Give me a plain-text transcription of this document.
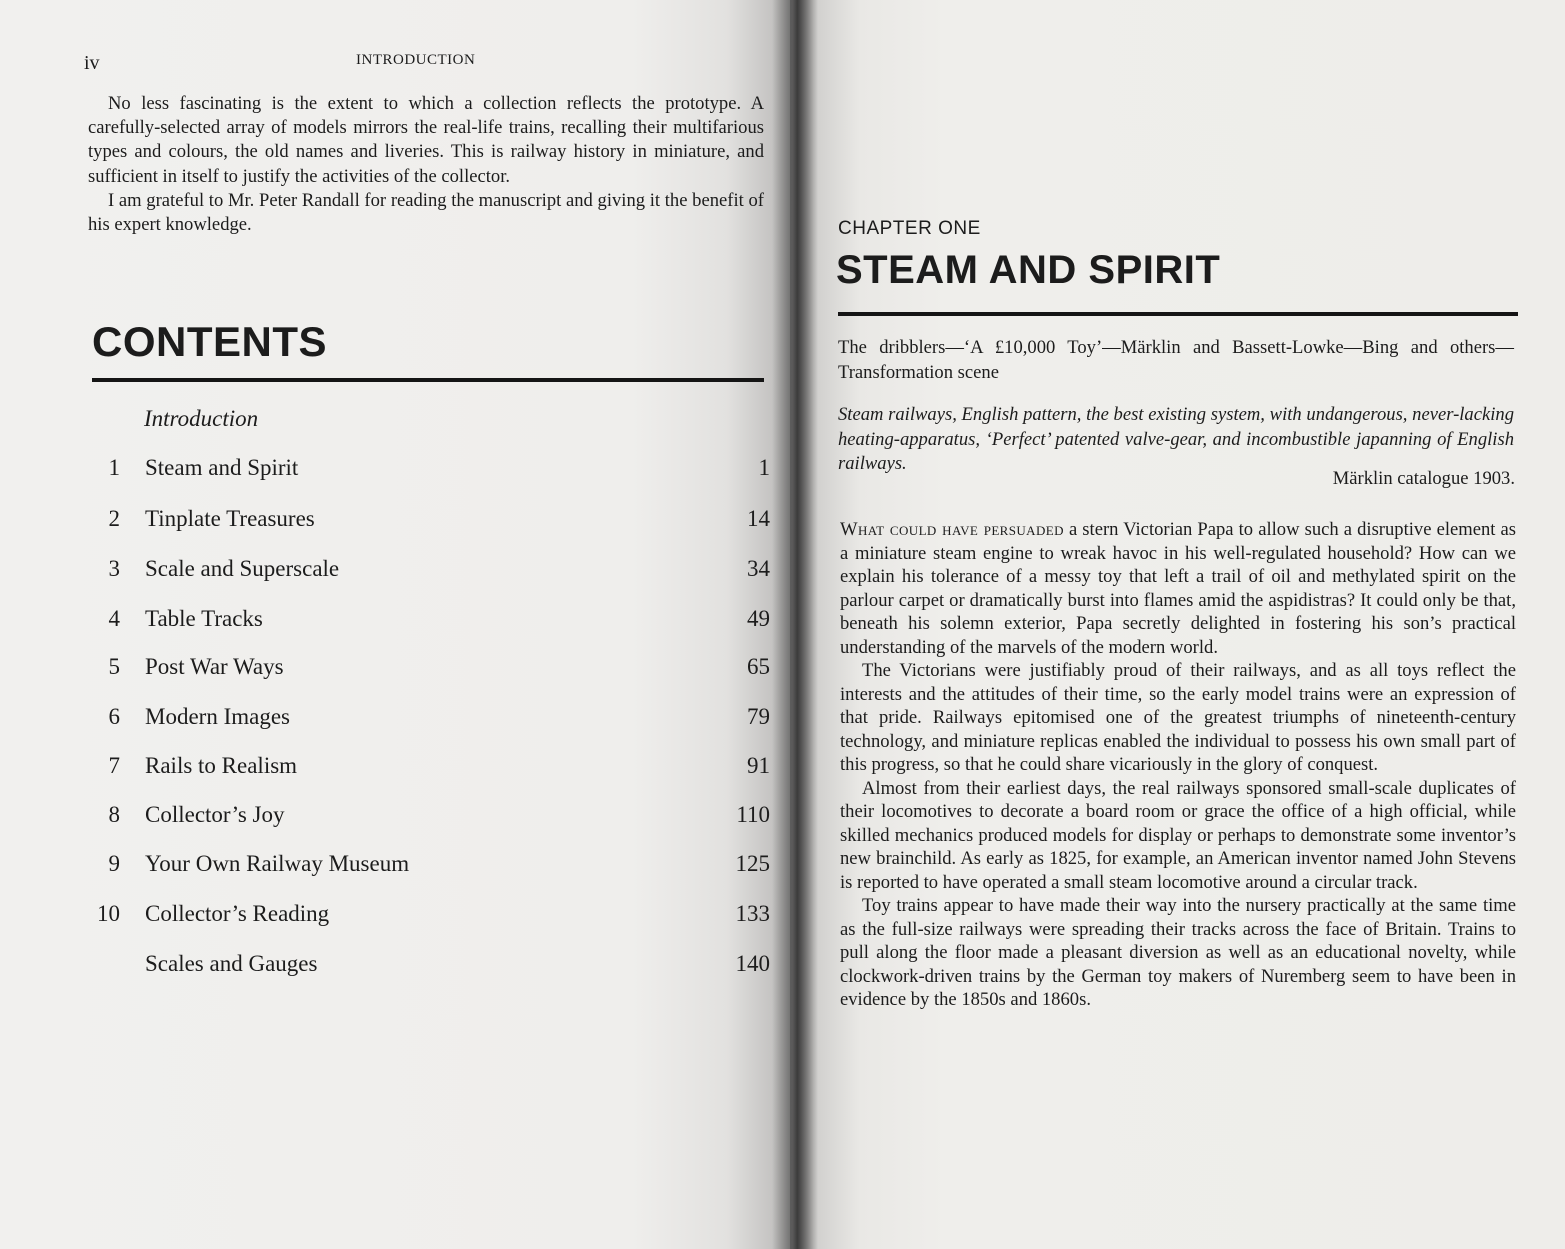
iv	INTRODUCTION

No less fascinating is the extent to which a collection reflects the prototype. A carefully-selected array of models mirrors the real-life trains, recalling their multifarious types and colours, the old names and liveries. This is railway history in miniature, and sufficient in itself to justify the activities of the collector.

I am grateful to Mr. Peter Randall for reading the manuscript and giving it the benefit of his expert knowledge.

CONTENTS
Introduction
1 Steam and Spirit	1
2 Tinplate Treasures	14
3 Scale and Superscale	34
4 Table Tracks	49
5 Post War Ways	65
6 Modern Images	79
7 Rails to Realism	91
8 Collector’s Joy	110
9 Your Own Railway Museum	125
10 Collector’s Reading	133
Scales and Gauges	140
CHAPTER ONE
STEAM AND SPIRIT
The dribblers—‘A £10,000 Toy’—Märklin and Bassett-Lowke—Bing and others—Transformation scene
Steam railways, English pattern, the best existing system, with undangerous, never-lacking heating-apparatus, ‘Perfect’ patented valve-gear, and incombustible japanning of English railways.
Märklin catalogue 1903.

What could have persuaded a stern Victorian Papa to allow such a disruptive element as a miniature steam engine to wreak havoc in his well-regulated household? How can we explain his tolerance of a messy toy that left a trail of oil and methylated spirit on the parlour carpet or dramatically burst into flames amid the aspidistras? It could only be that, beneath his solemn exterior, Papa secretly delighted in fostering his son’s practical understanding of the marvels of the modern world.

The Victorians were justifiably proud of their railways, and as all toys reflect the interests and the attitudes of their time, so the early model trains were an expression of that pride. Railways epitomised one of the greatest triumphs of nineteenth-century technology, and miniature replicas enabled the individual to possess his own small part of this progress, so that he could share vicariously in the glory of conquest.

Almost from their earliest days, the real railways sponsored small-scale duplicates of their locomotives to decorate a board room or grace the office of a high official, while skilled mechanics produced models for display or perhaps to demonstrate some inventor’s new brainchild. As early as 1825, for example, an American inventor named John Stevens is reported to have operated a small steam locomotive around a circular track.

Toy trains appear to have made their way into the nursery practically at the same time as the full-size railways were spreading their tracks across the face of Britain. Trains to pull along the floor made a pleasant diversion as well as an educational novelty, while clockwork-driven trains by the German toy makers of Nuremberg seem to have been in evidence by the 1850s and 1860s.
